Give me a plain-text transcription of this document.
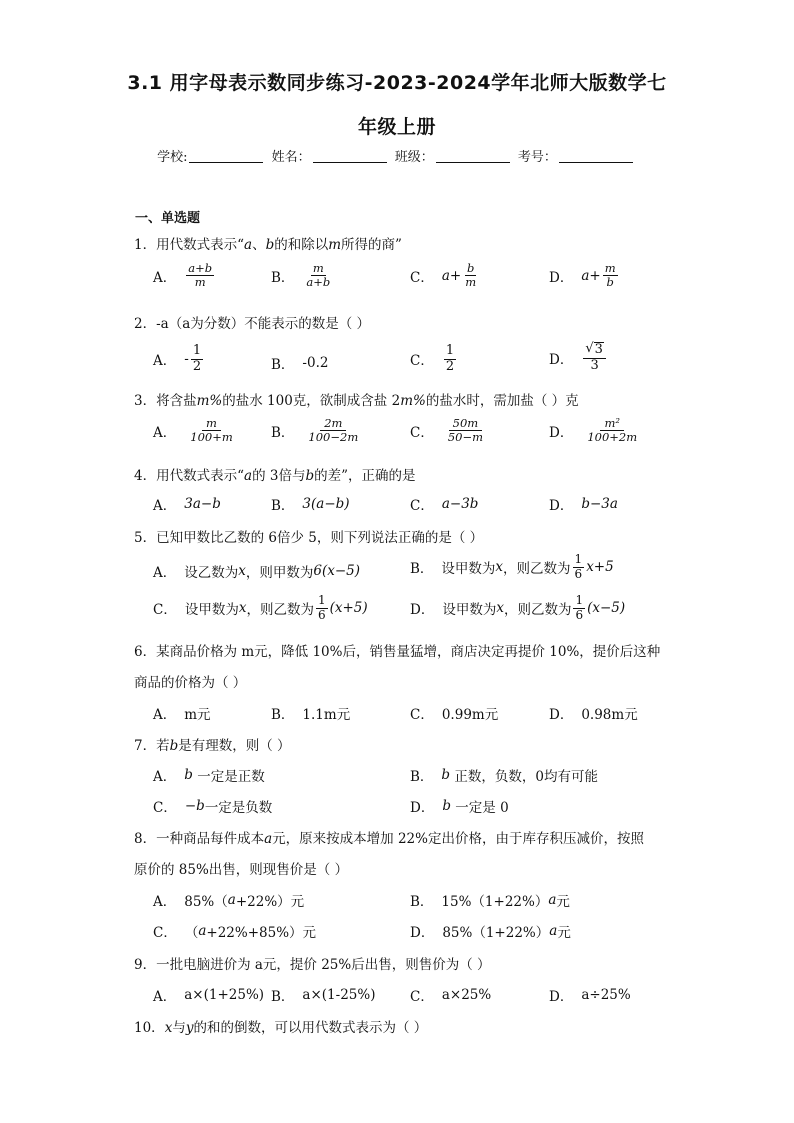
3.1 用字母表示数同步练习-2023-2024学年北师大版数学七
年级上册
学校:	姓名：	班级：	考号：
一、单选题
1．用代数式表示“a、b的和除以m所得的商”
A． $\frac{a+b}{m}$	B． $\frac{m}{a+b}$	C． $a+ \frac{b}{m}$	D． $a+ \frac{m}{b}$
2．-a（a为分数）不能表示的数是（ ）
A． - $\frac{1}{2}$	B． -0.2	C． $\frac{1}{2}$	D． $\frac{√ 3}{3}$
3．将含盐m%的盐水 100克，欲制成含盐 2m%的盐水时，需加盐（ ）克
A． $\frac{m}{100+m}$	B． $\frac{2m}{100-2m}$	C． $\frac{50m}{50-m}$	D． $\frac{\text{m²}}{100+2m}$
4．用代数式表示“a的 3倍与b的差”，正确的是
A． 3a−b	B． 3(a−b)	C． a−3b	D． b−3a
5．已知甲数比乙数的 6倍少 5，则下列说法正确的是（ ）
A． 设乙数为 x ，则甲数为 6(x−5)	B． 设甲数为 x ，则乙数为 $\frac{1}{6} x+5$
C． 设甲数为 x ，则乙数为 $\frac{1}{6} (x+5)$	D． 设甲数为 x ，则乙数为 $\frac{1}{6} (x-5)$
6．某商品价格为 m元，降低 10%后，销售量猛增，商店决定再提价 10%，提价后这种
商品的价格为（ ）
A． m元	B． 1.1m元	C． 0.99m元	D． 0.98m元
7．若b是有理数，则（ ）
A． b
一定是正数	B． b
正数，负数，0均有可能
C． −b 一定是负数	D． b
一定是 0
8．一种商品每件成本a元，原来按成本增加 22%定出价格，由于库存积压减价，按照
原价的 85%出售，则现售价是（ ）
A． 85%（ a +22%）元	B． 15%（1+22%） a 元
C． （ a +22%+85%）元	D． 85%（1+22%） a 元
9．一批电脑进价为 a元，提价 25%后出售，则售价为（ ）
A． a×(1+25%) B． a×(1-25%)	C． a×25%	D． a÷25%
10．x与y的和的倒数，可以用代数式表示为（ ）
